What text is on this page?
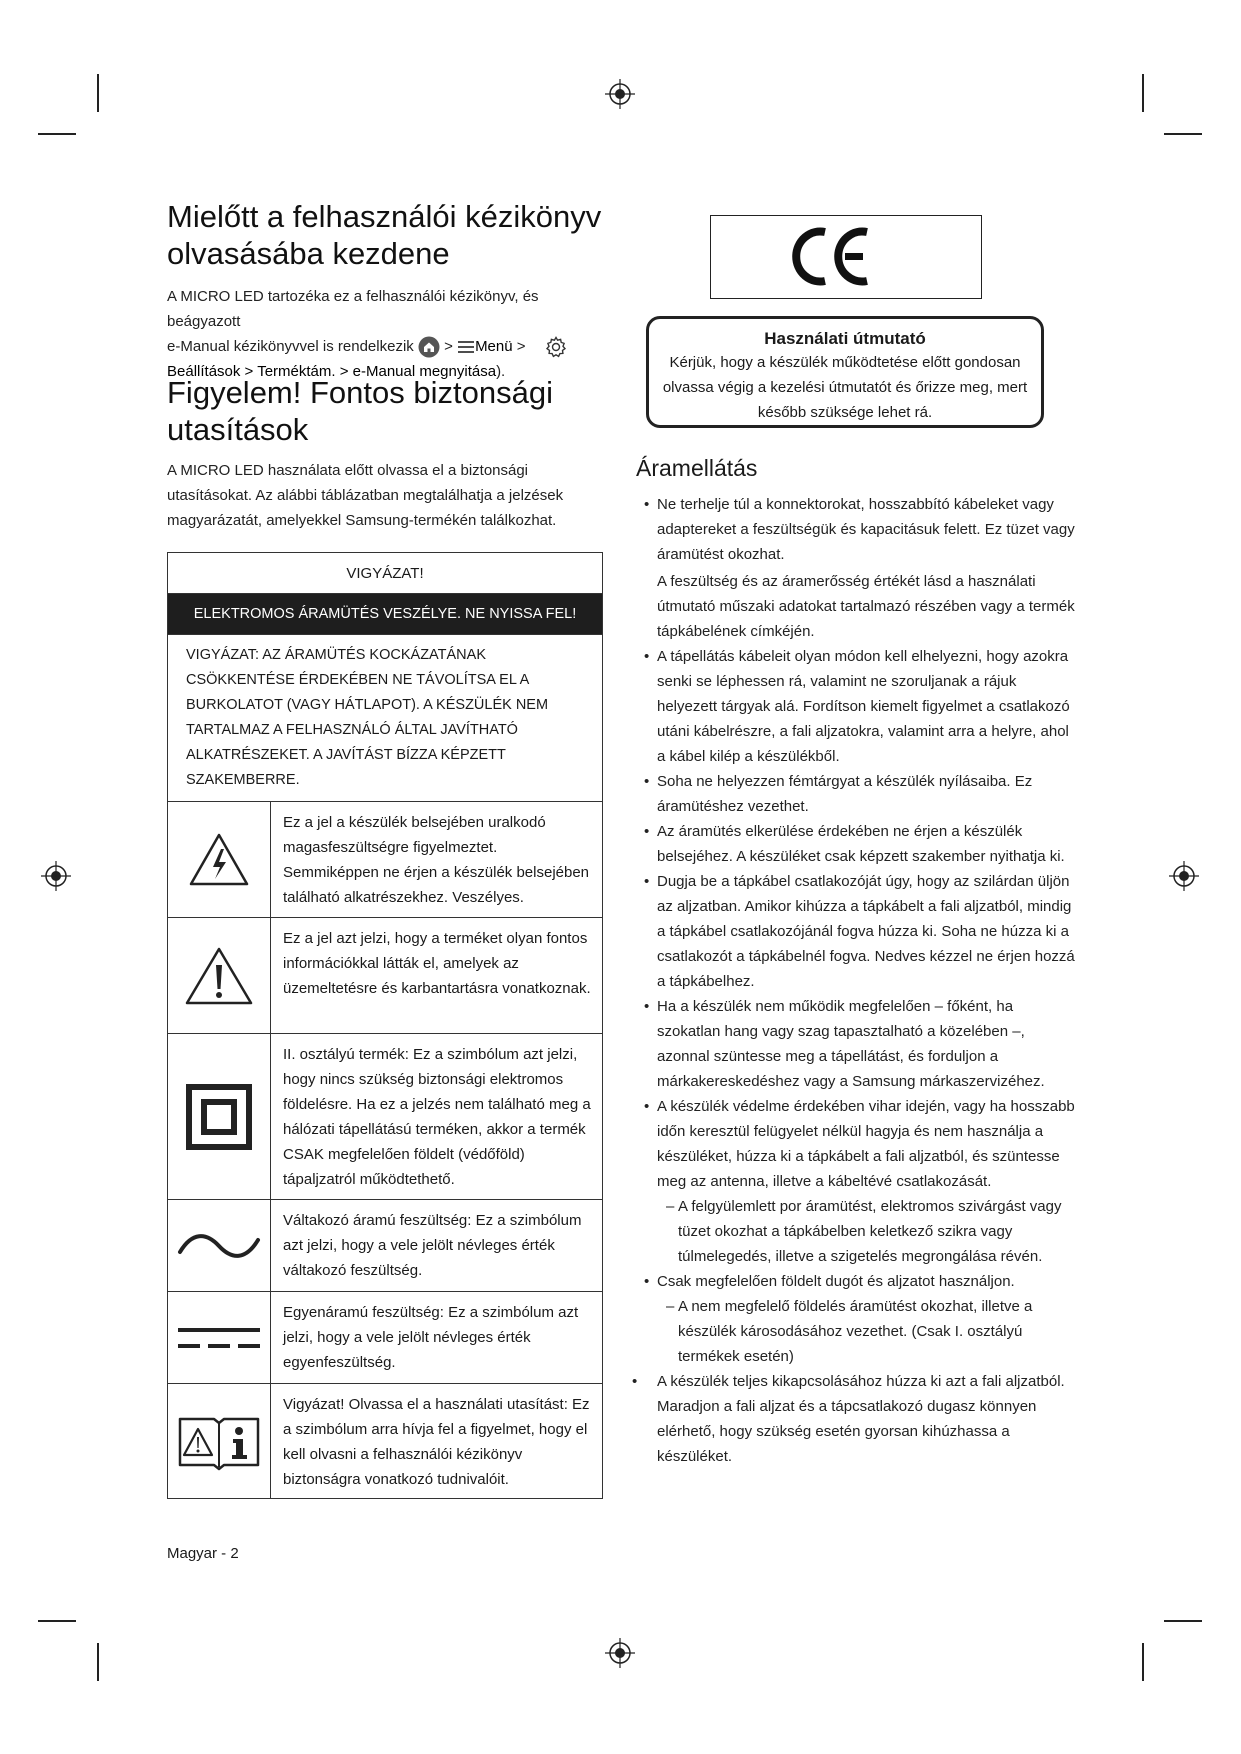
Mielőtt a felhasználói kézikönyv
olvasásába kezdene
A MICRO LED tartozéka ez a felhasználói kézikönyv, és beágyazott
e-Manual kézikönyvvel is rendelkezik > Menü >
Beállítások > Terméktám. > e-Manual megnyitása).
Figyelem! Fontos biztonsági
utasítások
A MICRO LED használata előtt olvassa el a biztonsági utasításokat. Az alábbi táblázatban megtalálhatja a jelzések magyarázatát, amelyekkel Samsung-termékén találkozhat.
VIGYÁZAT!
ELEKTROMOS ÁRAMÜTÉS VESZÉLYE. NE NYISSA FEL!
VIGYÁZAT: AZ ÁRAMÜTÉS KOCKÁZATÁNAK CSÖKKENTÉSE ÉRDEKÉBEN NE TÁVOLÍTSA EL A BURKOLATOT (VAGY HÁTLAPOT). A KÉSZÜLÉK NEM TARTALMAZ A FELHASZNÁLÓ ÁLTAL JAVÍTHATÓ ALKATRÉSZEKET. A JAVÍTÁST BÍZZA KÉPZETT SZAKEMBERRE.
Ez a jel a készülék belsejében uralkodó magasfeszültségre figyelmeztet. Semmiképpen ne érjen a készülék belsejében található alkatrészekhez. Veszélyes.
Ez a jel azt jelzi, hogy a terméket olyan fontos információkkal látták el, amelyek az üzemeltetésre és karbantartásra vonatkoznak.
II. osztályú termék: Ez a szimbólum azt jelzi, hogy nincs szükség biztonsági elektromos földelésre. Ha ez a jelzés nem található meg a hálózati tápellátású terméken, akkor a termék CSAK megfelelően földelt (védőföld) tápaljzatról működtethető.
Váltakozó áramú feszültség: Ez a szimbólum azt jelzi, hogy a vele jelölt névleges érték váltakozó feszültség.
Egyenáramú feszültség: Ez a szimbólum azt jelzi, hogy a vele jelölt névleges érték egyenfeszültség.
Vigyázat! Olvassa el a használati utasítást: Ez a szimbólum arra hívja fel a figyelmet, hogy el kell olvasni a felhasználói kézikönyv biztonságra vonatkozó tudnivalóit.
Használati útmutató
Kérjük, hogy a készülék működtetése előtt gondosan olvassa végig a kezelési útmutatót és őrizze meg, mert később szüksége lehet rá.
Áramellátás
• Ne terhelje túl a konnektorokat, hosszabbító kábeleket vagy adaptereket a feszültségük és kapacitásuk felett. Ez tüzet vagy áramütést okozhat.
A feszültség és az áramerősség értékét lásd a használati útmutató műszaki adatokat tartalmazó részében vagy a termék tápkábelének címkéjén.
• A tápellátás kábeleit olyan módon kell elhelyezni, hogy azokra senki se léphessen rá, valamint ne szoruljanak a rájuk helyezett tárgyak alá. Fordítson kiemelt figyelmet a csatlakozó utáni kábelrészre, a fali aljzatokra, valamint arra a helyre, ahol a kábel kilép a készülékből.
• Soha ne helyezzen fémtárgyat a készülék nyílásaiba. Ez áramütéshez vezethet.
• Az áramütés elkerülése érdekében ne érjen a készülék belsejéhez. A készüléket csak képzett szakember nyithatja ki.
• Dugja be a tápkábel csatlakozóját úgy, hogy az szilárdan üljön az aljzatban. Amikor kihúzza a tápkábelt a fali aljzatból, mindig a tápkábel csatlakozójánál fogva húzza ki. Soha ne húzza ki a csatlakozót a tápkábelnél fogva. Nedves kézzel ne érjen hozzá a tápkábelhez.
• Ha a készülék nem működik megfelelően – főként, ha szokatlan hang vagy szag tapasztalható a közelében –, azonnal szüntesse meg a tápellátást, és forduljon a márkakereskedéshez vagy a Samsung márkaszervizéhez.
• A készülék védelme érdekében vihar idején, vagy ha hosszabb időn keresztül felügyelet nélkül hagyja és nem használja a készüléket, húzza ki a tápkábelt a fali aljzatból, és szüntesse meg az antenna, illetve a kábeltévé csatlakozását.
– A felgyülemlett por áramütést, elektromos szivárgást vagy tüzet okozhat a tápkábelben keletkező szikra vagy túlmelegedés, illetve a szigetelés megrongálása révén.
• Csak megfelelően földelt dugót és aljzatot használjon.
– A nem megfelelő földelés áramütést okozhat, illetve a készülék károsodásához vezethet. (Csak I. osztályú termékek esetén)
• A készülék teljes kikapcsolásához húzza ki azt a fali aljzatból. Maradjon a fali aljzat és a tápcsatlakozó dugasz könnyen elérhető, hogy szükség esetén gyorsan kihúzhassa a készüléket.
Magyar - 2
